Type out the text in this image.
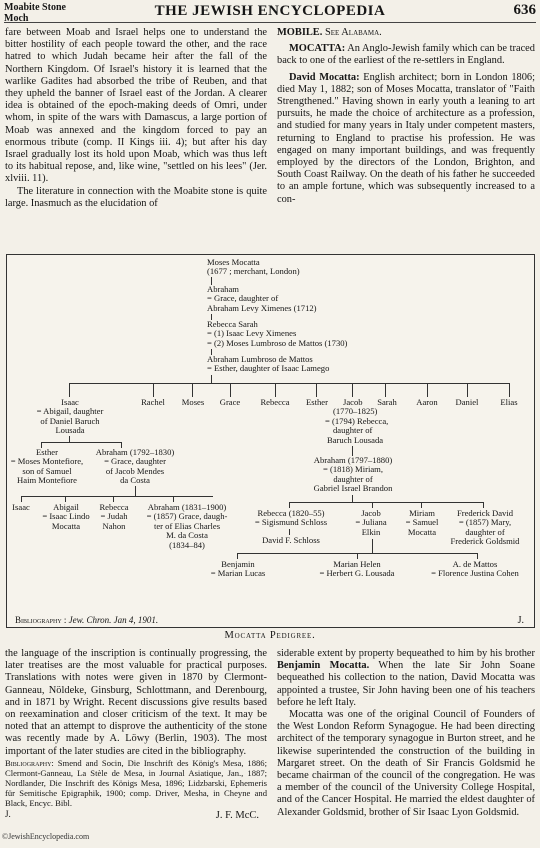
Moabite Stone
Moch	THE JEWISH ENCYCLOPEDIA	636

fare between Moab and Israel helps one to understand the bitter hostility of each people toward the other, and the race hatred to which Judah became heir after the fall of the Northern Kingdom. Of Israel's history it is learned that the warlike Gadites had absorbed the tribe of Reuben, and that they upheld the banner of Israel east of the Jordan. A clearer idea is obtained of the epoch-making deeds of Omri, under whom, in spite of the wars with Damascus, a large portion of Moab was annexed and the kingdom forced to pay an enormous tribute (comp. II Kings iii. 4); but after his day Israel gradually lost its hold upon Moab, which was thus left to its habitual repose, and, like wine, "settled on his lees" (Jer. xlviii. 11).

The literature in connection with the Moabite stone is quite large. Inasmuch as the elucidation of

MOBILE. See Alabama.

MOCATTA: An Anglo-Jewish family which can be traced back to one of the earliest of the re-settlers in England.

David Mocatta: English architect; born in London 1806; died May 1, 1882; son of Moses Mocatta, translator of "Faith Strengthened." Having shown in early youth a leaning to art pursuits, he made the choice of architecture as a profession, and studied for many years in Italy under competent masters, returning to England to practise his profession. He was engaged on many important buildings, and was frequently employed by the directors of the London, Brighton, and South Coast Railway. On the death of his father he succeeded to an ample fortune, which was subsequently increased to a con-

Moses Mocatta
(1677 ; merchant, London)
Abraham
= Grace, daughter of
Abraham Levy Ximenes (1712)
Rebecca Sarah
= (1) Isaac Levy Ximenes
= (2) Moses Lumbroso de Mattos (1730)
Abraham Lumbroso de Mattos
= Esther, daughter of Isaac Lamego
Isaac
= Abigail, daughter
of Daniel Baruch
Lousada
Rachel	Moses	Grace	Rebecca	Esther	Jacob
(1770–1825)
= (1794) Rebecca,
daughter of
Baruch Lousada
Sarah	Aaron	Daniel	Elias
Esther
= Moses Montefiore,
son of Samuel
Haim Montefiore
Abraham (1792–1830)
= Grace, daughter
of Jacob Mendes
da Costa
Abraham (1797–1880)
= (1818) Miriam,
daughter of
Gabriel Israel Brandon
Isaac	Abigail
= Isaac Lindo
Mocatta
Rebecca
= Judah
Nahon
Abraham (1831–1900)
= (1857) Grace, daugh-
ter of Elias Charles
M. da Costa
(1834–84)
Rebecca (1820–55)
= Sigismund Schloss
David F. Schloss
Jacob
= Juliana
Elkin
Miriam
= Samuel
Mocatta
Frederick David
= (1857) Mary,
daughter of
Frederick Goldsmid
Benjamin
= Marian Lucas
Marian Helen
= Herbert G. Lousada
A. de Mattos
= Florence Justina Cohen
Bibliography : Jew. Chron. Jan 4, 1901.	J.
Mocatta Pedigree.

the language of the inscription is continually progressing, the later treatises are the most valuable for practical purposes. Translations with notes were given in 1870 by Clermont-Ganneau, Nöldeke, Ginsburg, Schlottmann, and Derenbourg, and in 1871 by Wright. Recent discussions give results based on reexamination and closer criticism of the text. It may be noted that an attempt to disprove the authenticity of the stone was recently made by A. Löwy (Berlin, 1903). The most important of the later studies are cited in the bibliography.

Bibliography: Smend and Socin, Die Inschrift des König's Mesa, 1886; Clermont-Ganneau, La Stèle de Mesa, in Journal Asiatique, Jan., 1887; Nordlander, Die Inschrift des Königs Mesa, 1896; Lidzbarski, Ephemeris für Semitische Epigraphik, 1900; comp. Driver, Mesha, in Cheyne and Black, Encyc. Bibl.

J.	J. F. McC.

siderable extent by property bequeathed to him by his brother Benjamin Mocatta. When the late Sir John Soane bequeathed his collection to the nation, David Mocatta was appointed a trustee, Sir John having been one of his teachers before he left Italy.

Mocatta was one of the original Council of Founders of the West London Reform Synagogue. He had been directing architect of the temporary synagogue in Burton street, and he likewise superintended the construction of the building in Margaret street. On the death of Sir Francis Goldsmid he became chairman of the council of the congregation. He was a member of the council of the University College Hospital, and of the Cancer Hospital. He married the eldest daughter of Alexander Goldsmid, brother of Sir Isaac Lyon Goldsmid.

©JewishEncyclopedia.com
